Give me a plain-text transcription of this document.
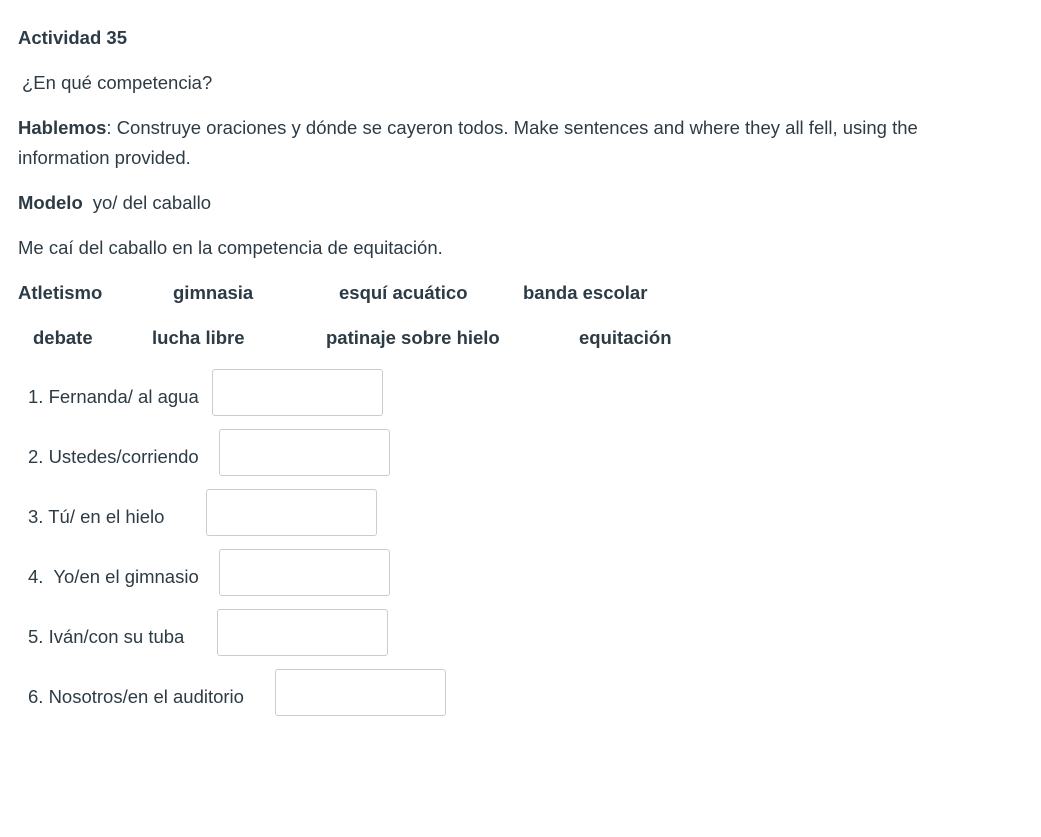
Actividad 35
¿En qué competencia?
Hablemos: Construye oraciones y dónde se cayeron todos. Make sentences and where they all fell, using the
information provided.
Modelo yo/ del caballo
Me caí del caballo en la competencia de equitación.
Atletismo	gimnasia	esquí acuático	banda escolar
debate	lucha libre	patinaje sobre hielo	equitación
1. Fernanda/ al agua
2. Ustedes/corriendo
3. Tú/ en el hielo
4.  Yo/en el gimnasio
5. Iván/con su tuba
6. Nosotros/en el auditorio
